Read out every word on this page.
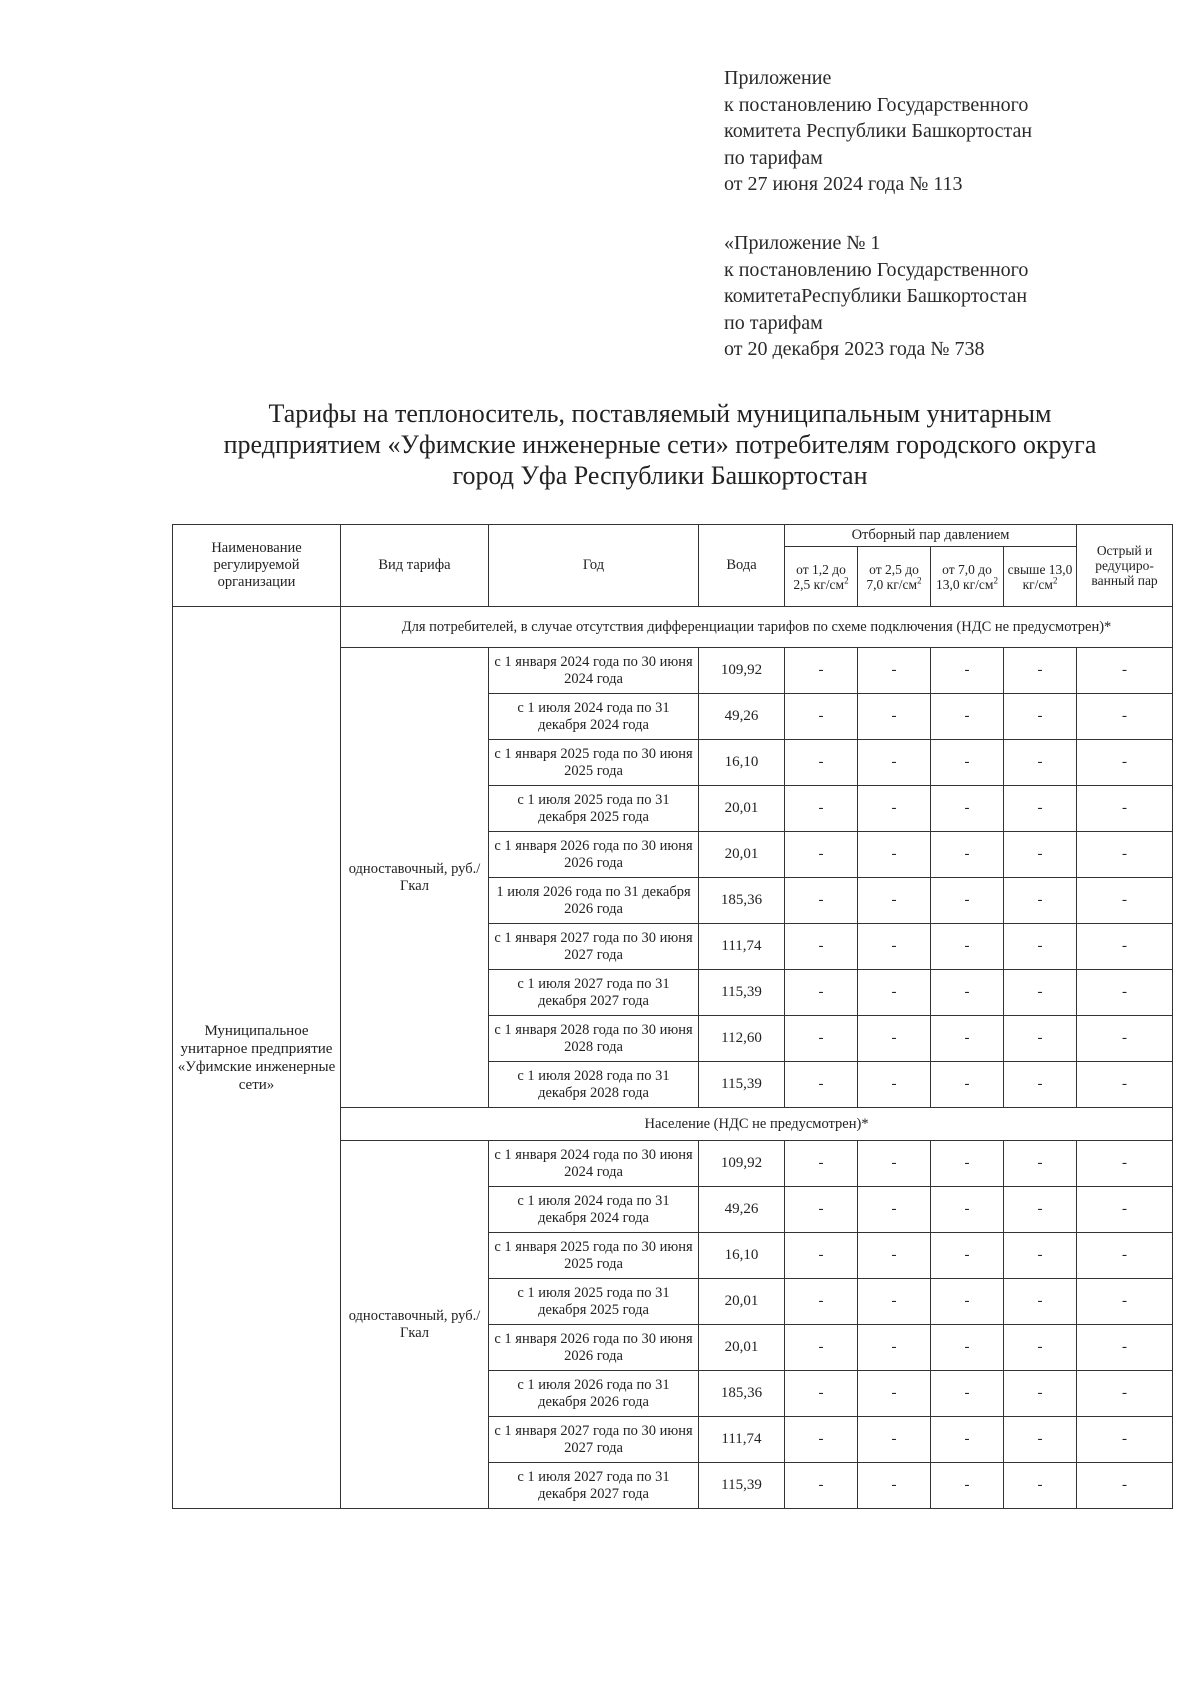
Приложение
к постановлению Государственного
комитета Республики Башкортостан
по тарифам
от 27 июня 2024 года № 113
«Приложение № 1
к постановлению Государственного
комитетаРеспублики Башкортостан
по тарифам
от 20 декабря 2023 года № 738
Тарифы на теплоноситель, поставляемый муниципальным унитарным
предприятием «Уфимские инженерные сети» потребителям городского округа
город Уфа Республики Башкортостан
Наименование регулируемой организации	Вид тарифа	Год	Вода	Отборный пар давлением				Острый и редуциро-ванный пар
				от 1,2 до 2,5 $кг/см^2$	от 2,5 до 7,0 $кг/см^2$	от 7,0 до 13,0 $кг/см^2$	свыше 13,0 $кг/см^2$
Муниципальное унитарное предприятие «Уфимские инженерные сети»	Для потребителей, в случае отсутствия дифференциации тарифов по схеме подключения (НДС не предусмотрен)*							
	одноставочный, руб./Гкал	с 1 января 2024 года по 30 июня 2024 года	109,92	-	-	-	-	-
		с 1 июля 2024 года по 31 декабря 2024 года	49,26	-	-	-	-	-
		с 1 января 2025 года по 30 июня 2025 года	16,10	-	-	-	-	-
		с 1 июля 2025 года по 31 декабря 2025 года	20,01	-	-	-	-	-
		с 1 января 2026 года по 30 июня 2026 года	20,01	-	-	-	-	-
		1 июля 2026 года по 31 декабря 2026 года	185,36	-	-	-	-	-
		с 1 января 2027 года по 30 июня 2027 года	111,74	-	-	-	-	-
		с 1 июля 2027 года по 31 декабря 2027 года	115,39	-	-	-	-	-
		с 1 января 2028 года по 30 июня 2028 года	112,60	-	-	-	-	-
		с 1 июля 2028 года по 31 декабря 2028 года	115,39	-	-	-	-	-
	Население (НДС не предусмотрен)*							
	одноставочный, руб./Гкал	с 1 января 2024 года по 30 июня 2024 года	109,92	-	-	-	-	-
		с 1 июля 2024 года по 31 декабря 2024 года	49,26	-	-	-	-	-
		с 1 января 2025 года по 30 июня 2025 года	16,10	-	-	-	-	-
		с 1 июля 2025 года по 31 декабря 2025 года	20,01	-	-	-	-	-
		с 1 января 2026 года по 30 июня 2026 года	20,01	-	-	-	-	-
		с 1 июля 2026 года по 31 декабря 2026 года	185,36	-	-	-	-	-
		с 1 января 2027 года по 30 июня 2027 года	111,74	-	-	-	-	-
		с 1 июля 2027 года по 31 декабря 2027 года	115,39	-	-	-	-	-
